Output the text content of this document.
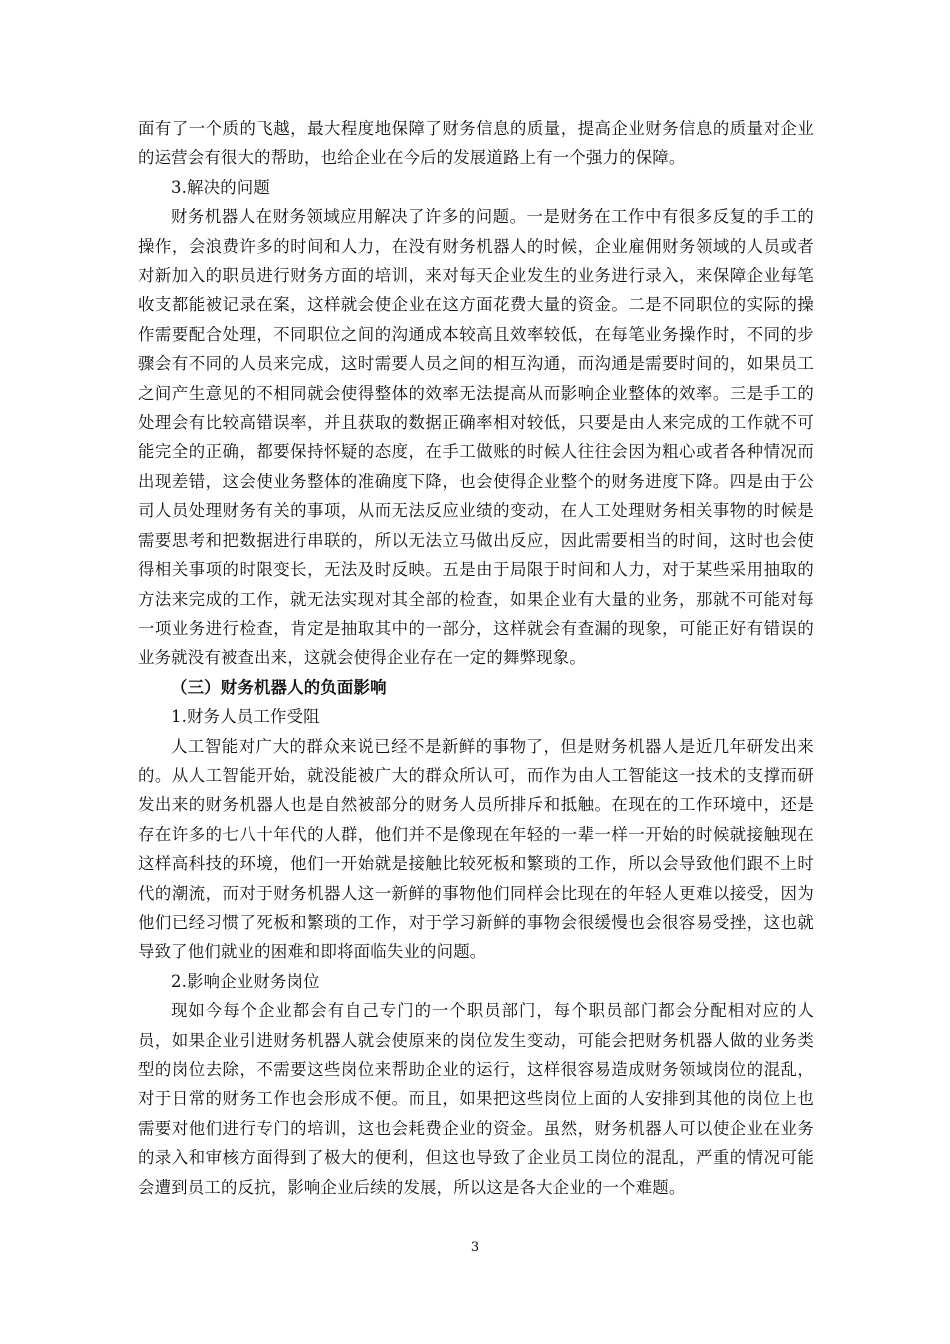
面有了一个质的飞越，最大程度地保障了财务信息的质量，提高企业财务信息的质量对企业的运营会有很大的帮助，也给企业在今后的发展道路上有一个强力的保障。

3.解决的问题

财务机器人在财务领域应用解决了许多的问题。一是财务在工作中有很多反复的手工的操作，会浪费许多的时间和人力，在没有财务机器人的时候，企业雇佣财务领域的人员或者对新加入的职员进行财务方面的培训，来对每天企业发生的业务进行录入，来保障企业每笔收支都能被记录在案，这样就会使企业在这方面花费大量的资金。二是不同职位的实际的操作需要配合处理，不同职位之间的沟通成本较高且效率较低，在每笔业务操作时，不同的步骤会有不同的人员来完成，这时需要人员之间的相互沟通，而沟通是需要时间的，如果员工之间产生意见的不相同就会使得整体的效率无法提高从而影响企业整体的效率。三是手工的处理会有比较高错误率，并且获取的数据正确率相对较低，只要是由人来完成的工作就不可能完全的正确，都要保持怀疑的态度，在手工做账的时候人往往会因为粗心或者各种情况而出现差错，这会使业务整体的准确度下降，也会使得企业整个的财务进度下降。四是由于公司人员处理财务有关的事项，从而无法反应业绩的变动，在人工处理财务相关事物的时候是需要思考和把数据进行串联的，所以无法立马做出反应，因此需要相当的时间，这时也会使得相关事项的时限变长，无法及时反映。五是由于局限于时间和人力，对于某些采用抽取的方法来完成的工作，就无法实现对其全部的检查，如果企业有大量的业务，那就不可能对每一项业务进行检查，肯定是抽取其中的一部分，这样就会有查漏的现象，可能正好有错误的业务就没有被查出来，这就会使得企业存在一定的舞弊现象。

（三）财务机器人的负面影响

1.财务人员工作受阻

人工智能对广大的群众来说已经不是新鲜的事物了，但是财务机器人是近几年研发出来的。从人工智能开始，就没能被广大的群众所认可，而作为由人工智能这一技术的支撑而研发出来的财务机器人也是自然被部分的财务人员所排斥和抵触。在现在的工作环境中，还是存在许多的七八十年代的人群，他们并不是像现在年轻的一辈一样一开始的时候就接触现在这样高科技的环境，他们一开始就是接触比较死板和繁琐的工作，所以会导致他们跟不上时代的潮流，而对于财务机器人这一新鲜的事物他们同样会比现在的年轻人更难以接受，因为他们已经习惯了死板和繁琐的工作，对于学习新鲜的事物会很缓慢也会很容易受挫，这也就导致了他们就业的困难和即将面临失业的问题。

2.影响企业财务岗位

现如今每个企业都会有自己专门的一个职员部门，每个职员部门都会分配相对应的人员，如果企业引进财务机器人就会使原来的岗位发生变动，可能会把财务机器人做的业务类型的岗位去除，不需要这些岗位来帮助企业的运行，这样很容易造成财务领域岗位的混乱，对于日常的财务工作也会形成不便。而且，如果把这些岗位上面的人安排到其他的岗位上也需要对他们进行专门的培训，这也会耗费企业的资金。虽然，财务机器人可以使企业在业务的录入和审核方面得到了极大的便利，但这也导致了企业员工岗位的混乱，严重的情况可能会遭到员工的反抗，影响企业后续的发展，所以这是各大企业的一个难题。

3
